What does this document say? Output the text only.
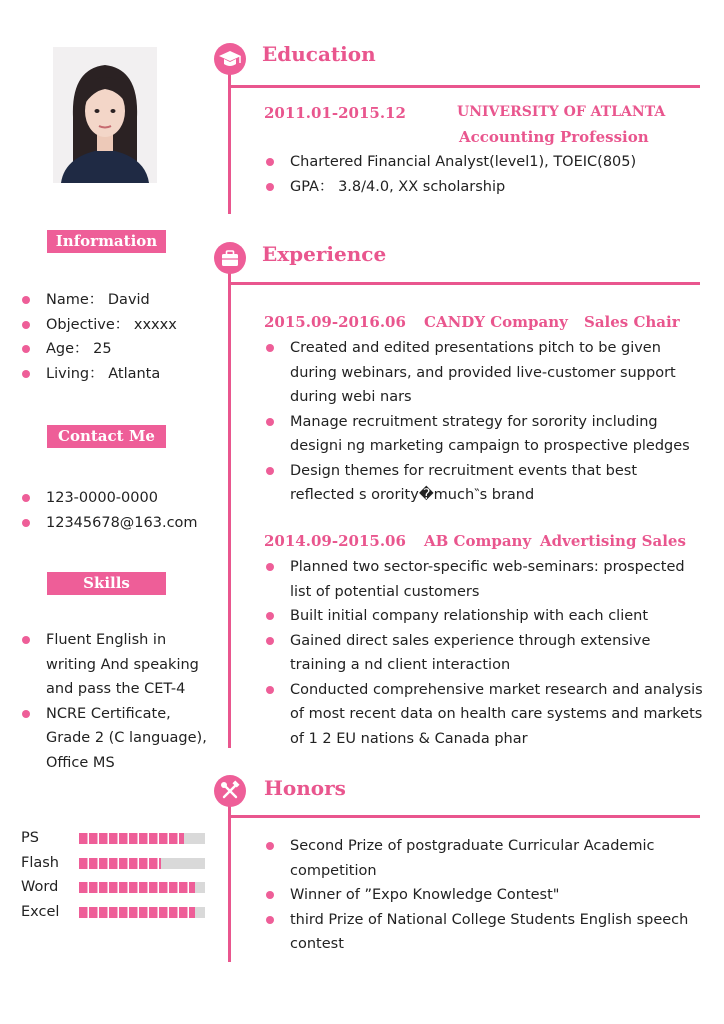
Information
Name： David
Objective： xxxxx
Age： 25
Living： Atlanta
Contact Me
123-0000-0000
12345678@163.com
Skills
Fluent English in writing And speaking and pass the CET-4
NCRE Certificate, Grade 2 (C language), Office MS
PS
Flash
Word
Excel
Education
2011.01-2015.12	UNIVERSITY OF ATLANTA
Accounting Profession
Chartered Financial Analyst(level1), TOEIC(805)
GPA： 3.8/4.0, XX scholarship
Experience
2015.09-2016.06 CANDY Company Sales Chair
Created and edited presentations pitch to be given during webinars, and provided live-customer support during webi nars
Manage recruitment strategy for sorority including designi ng marketing campaign to prospective pledges
Design themes for recruitment events that best reflected s orority�much‶s brand
2014.09-2015.06 AB Company Advertising Sales
Planned two sector-specific web-seminars: prospected list of potential customers
Built initial company relationship with each client
Gained direct sales experience through extensive training a nd client interaction
Conducted comprehensive market research and analysis of most recent data on health care systems and markets of 1 2 EU nations & Canada phar
Honors
Second Prize of postgraduate Curricular Academic competition
Winner of ”Expo Knowledge Contest"
third Prize of National College Students English speech contest
